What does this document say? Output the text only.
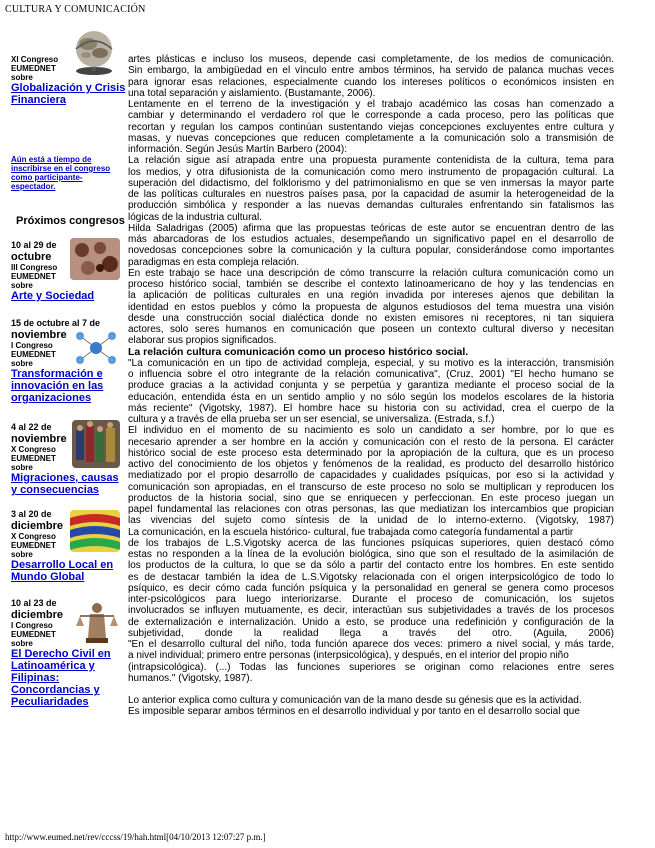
CULTURA Y COMUNICACIÓN
XI Congreso
EUMEDNET
sobre
Globalización y Crisis
Financiera
Aún está a tiempo de
inscribirse en el congreso
como participante-
espectador.
Próximos congresos
10 al 29 de
octubre
III Congreso
EUMEDNET
sobre
Arte y Sociedad
15 de octubre al 7 de
noviembre
I Congreso
EUMEDNET
sobre
Transformación e
innovación en las
organizaciones
4 al 22 de
noviembre
X Congreso
EUMEDNET
sobre
Migraciones, causas
y consecuencias
3 al 20 de
diciembre
X Congreso
EUMEDNET
sobre
Desarrollo Local en
Mundo Global
10 al 23 de
diciembre
I Congreso
EUMEDNET
sobre
El Derecho Civil en
Latinoamérica y
Filipinas:
Concordancias y
Peculiaridades

artes plásticas e incluso los museos, depende casi completamente, de los medios de comunicación.

Sin embargo, la ambigüedad en el vínculo entre ambos términos, ha servido de palanca muchas veces

para ignorar esas relaciones, especialmente cuando los intereses políticos o económicos insisten en

una total separación y aislamiento. (Bustamante, 2006).

Lentamente en el terreno de la investigación y el trabajo académico las cosas han comenzado a

cambiar y determinando el verdadero rol que le corresponde a cada proceso, pero las políticas que

recortan y regulan los campos continúan sustentando viejas concepciones excluyentes entre cultura y

masas, y nuevas concepciones que reducen completamente a la comunicación solo a transmisión de

información. Según Jesús Martín Barbero (2004):

La relación sigue así atrapada entre una propuesta puramente contenidista de la cultura, tema para

los medios, y otra difusionista de la comunicación como mero instrumento de propagación cultural. La

superación del didactismo, del folklorismo y del patrimonialismo en que se ven inmersas la mayor parte

de las políticas culturales en nuestros países pasa, por la capacidad de asumir la heterogeneidad de la

producción simbólica y responder a las nuevas demandas culturales enfrentando sin fatalismos las

lógicas de la industria cultural.

Hilda Saladrigas (2005) afirma que las propuestas teóricas de este autor se encuentran dentro de las

más abarcadoras de los estudios actuales, desempeñando un significativo papel en el desarrollo de

novedosas concepciones sobre la comunicación y la cultura popular, considerándose como importantes

paradigmas en esta compleja relación.

En este trabajo se hace una descripción de cómo transcurre la relación cultura comunicación como un

proceso histórico social, también se describe el contexto latinoamericano de hoy y las tendencias en

la aplicación de políticas culturales en una región invadida por intereses ajenos que debilitan la

identidad en estos pueblos y cómo la propuesta de algunos estudiosos del tema muestra una visión

desde una construcción social dialéctica donde no existen emisores ni receptores, ni tan siquiera

actores, solo seres humanos en comunicación que poseen un contexto cultural diverso y necesitan

elaborar sus propios significados.

La relación cultura comunicación como un proceso histórico social.

"La comunicación en un tipo de actividad compleja, especial, y su motivo es la interacción, transmisión

o influencia sobre el otro integrante de la relación comunicativa", (Cruz, 2001) "El hecho humano se

produce gracias a la actividad conjunta y se perpetúa y garantiza mediante el proceso social de la

educación, entendida ésta en un sentido amplio y no sólo según los modelos escolares de la historia

más reciente" (Vigotsky, 1987). El hombre hace su historia con su actividad, crea el cuerpo de la

cultura y a través de ella prueba ser un ser esencial, se universaliza. (Estrada, s.f.)

El individuo en el momento de su nacimiento es solo un candidato a ser hombre, por lo que es

necesario aprender a ser hombre en la acción y comunicación con el resto de la persona. El carácter

histórico social de este proceso esta determinado por la apropiación de la cultura, que es un proceso

activo del conocimiento de los objetos y fenómenos de la realidad, es producto del desarrollo histórico

mediatizado por el propio desarrollo de capacidades y cualidades psíquicas, por eso si la actividad y

comunicación son apropiadas, en el transcurso de este proceso no solo se multiplican y reproducen los

productos de la historia social, sino que se enriquecen y perfeccionan. En este proceso juegan un

papel fundamental las relaciones con otras personas, las que mediatizan los intercambios que propician

las vivencias del sujeto como síntesis de la unidad de lo interno-externo. (Vigotsky, 1987)

La comunicación, en la escuela histórico- cultural, fue trabajada como categoría fundamental a partir

de los trabajos de L.S.Vigotsky acerca de las funciones psíquicas superiores, quien destacó cómo

estas no responden a la línea de la evolución biológica, sino que son el resultado de la asimilación de

los productos de la cultura, lo que se da sólo a partir del contacto entre los hombres. En este sentido

es de destacar también la idea de L.S.Vigotsky relacionada con el origen interpsicológico de todo lo

psíquico, es decir cómo cada función psíquica y la personalidad en general se genera como procesos

inter-psicológicos para luego interiorizarse. Durante el proceso de comunicación, los sujetos

involucrados se influyen mutuamente, es decir, interactúan sus subjetividades a través de los procesos

de externalización e internalización. Unido a esto, se produce una redefinición y configuración de la

subjetividad, donde la realidad llega a través del otro. (Aguila, 2006)

"En el desarrollo cultural del niño, toda función aparece dos veces: primero a nivel social, y más tarde,

a nivel individual; primero entre personas (interpsicológica), y después, en el interior del propio niño

(intrapsicológica). (...) Todas las funciones superiores se originan como relaciones entre seres

humanos." (Vigotsky, 1987).

Lo anterior explica como cultura y comunicación van de la mano desde su génesis que es la actividad.

Es imposible separar ambos términos en el desarrollo individual y por tanto en el desarrollo social que

http://www.eumed.net/rev/cccss/19/hah.html[04/10/2013 12:07:27 p.m.]
